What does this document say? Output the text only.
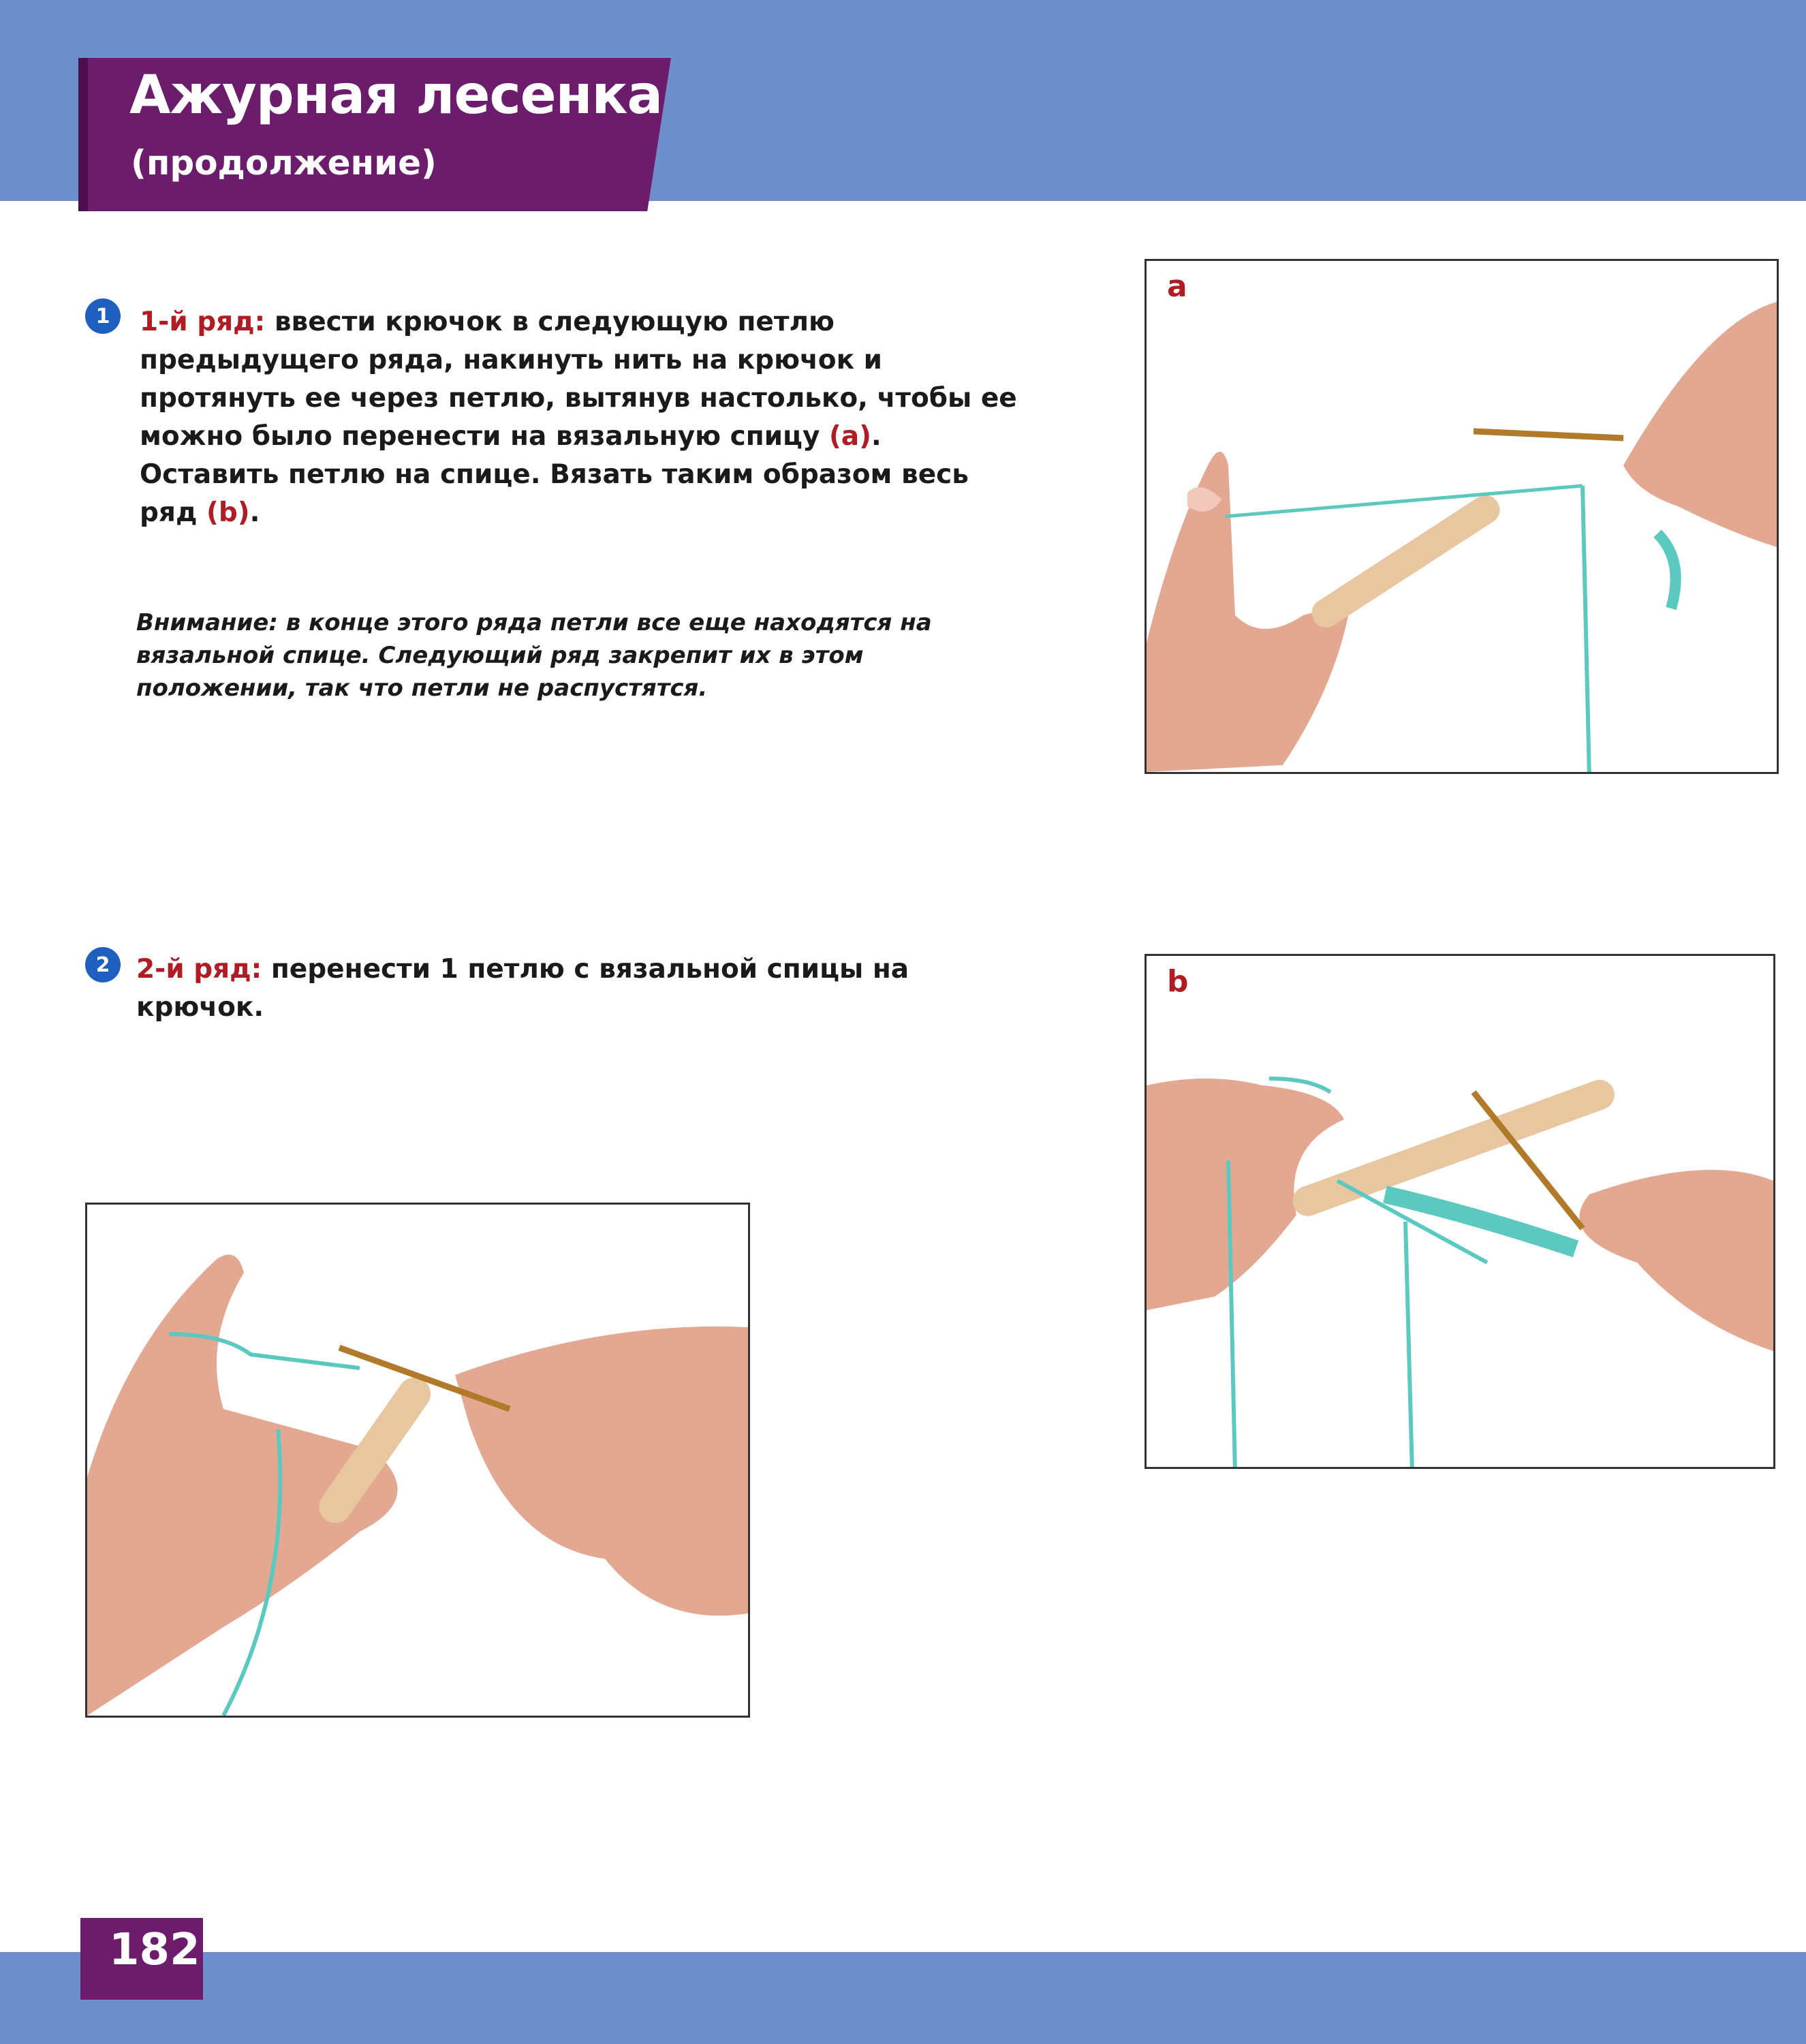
Ажурная лесенка
(продолжение)
1	1-й ряд: ввести крючок в следующую петлю предыдущего ряда, накинуть нить на крючок и протянуть ее через петлю, вытянув настолько, чтобы ее можно было перенести на вязальную спицу (a). Оставить петлю на спице. Вязать таким образом весь ряд (b).
Внимание: в конце этого ряда петли все еще находятся на вязальной спице. Следующий ряд закрепит их в этом положении, так что петли не распустятся.
2 2-й ряд: перенести 1 петлю с вязальной спицы на крючок.
a
b
182
